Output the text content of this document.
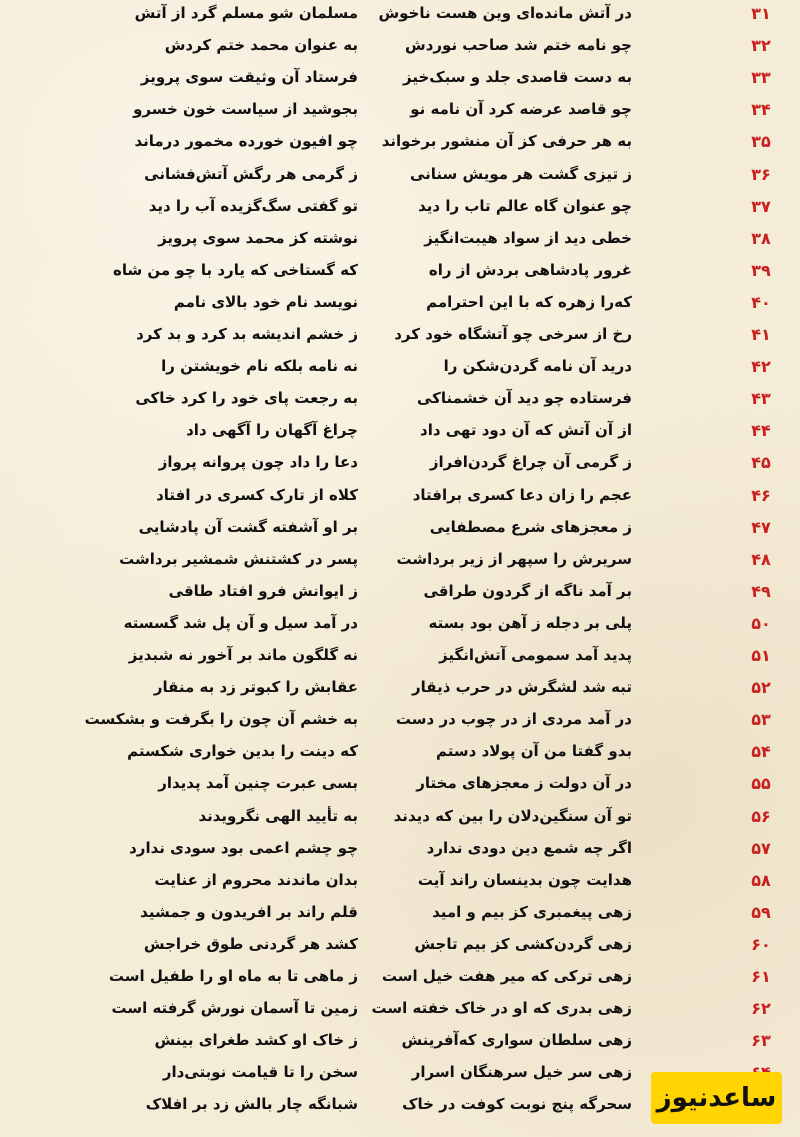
۳۱
در آتش مانده‌ای وین هست ناخوش
مسلمان شو مسلم گرد از آتش
۳۲
چو نامه ختم شد صاحب نوردش
به عنوان محمد ختم کردش
۳۳
به دست قاصدی جلد و سبک‌خیز
فرستاد آن وثیقت سوی پرویز
۳۴
چو قاصد عرضه کرد آن نامه نو
بجوشید از سیاست خون خسرو
۳۵
به هر حرفی کز آن منشور برخواند
چو افیون خورده مخمور درماند
۳۶
ز تیزی گشت هر مویش سنانی
ز گرمی هر رگش آتش‌فشانی
۳۷
چو عنوان گاه عالم تاب را دید
تو گفتی سگ‌گزیده آب را دید
۳۸
خطی دید از سواد هیبت‌انگیز
نوشته کز محمد سوی پرویز
۳۹
غرور پادشاهی بردش از راه
که گستاخی که یارد با چو من شاه
۴۰
که‌را زهره که با این احترامم
نویسد نام خود بالای نامم
۴۱
رخ از سرخی چو آتشگاه خود کرد
ز خشم اندیشه بد کرد و بد کرد
۴۲
درید آن نامه گردن‌شکن را
نه نامه بلکه نام خویشتن را
۴۳
فرستاده چو دید آن خشمناکی
به رجعت پای خود را کرد خاکی
۴۴
از آن آتش که آن دود تهی داد
چراغ آگهان را آگهی داد
۴۵
ز گرمی آن چراغ گردن‌افراز
دعا را داد چون پروانه پرواز
۴۶
عجم را زان دعا کسری برافتاد
کلاه از تارک کسری در افتاد
۴۷
ز معجزهای شرع مصطفایی
بر او آشفته گشت آن پادشایی
۴۸
سریرش را سپهر از زیر برداشت
پسر در کشتنش شمشیر برداشت
۴۹
بر آمد ناگه از گردون طراقی
ز ایوانش فرو افتاد طاقی
۵۰
پلی بر دجله ز آهن بود بسته
در آمد سیل و آن پل شد گسسته
۵۱
پدید آمد سمومی آتش‌انگیز
نه گلگون ماند بر آخور نه شبدیز
۵۲
تبه شد لشگرش در حرب ذیقار
عقابش را کبوتر زد به منقار
۵۳
در آمد مردی از در چوب در دست
به خشم آن چون را بگرفت و بشکست
۵۴
بدو گفتا من آن پولاد دستم
که دینت را بدین خواری شکستم
۵۵
در آن دولت ز معجزهای مختار
بسی عبرت چنین آمد پدیدار
۵۶
تو آن سنگین‌دلان را بین که دیدند
به تأیید الهی نگرویدند
۵۷
اگر چه شمع دین دودی ندارد
چو چشم اعمی بود سودی ندارد
۵۸
هدایت چون بدینسان راند آیت
بدان ماندند محروم از عنایت
۵۹
زهی پیغمبری کز بیم و امید
قلم راند بر افریدون و جمشید
۶۰
زهی گردن‌کشی کز بیم تاجش
کشد هر گردنی طوق خراجش
۶۱
زهی ترکی که میر هفت خیل است
ز ماهی تا به ماه او را طفیل است
۶۲
زهی بدری که او در خاک خفته است
زمین تا آسمان نورش گرفته است
۶۳
زهی سلطان سواری که‌آفرینش
ز خاک او کشد طغرای بینش
زهی سر خیل سرهنگان اسرار
سخن را تا قیامت نوبتی‌دار
سحرگه پنج نوبت کوفت در خاک
شبانگه چار بالش زد بر افلاک	ساعدنیوز
